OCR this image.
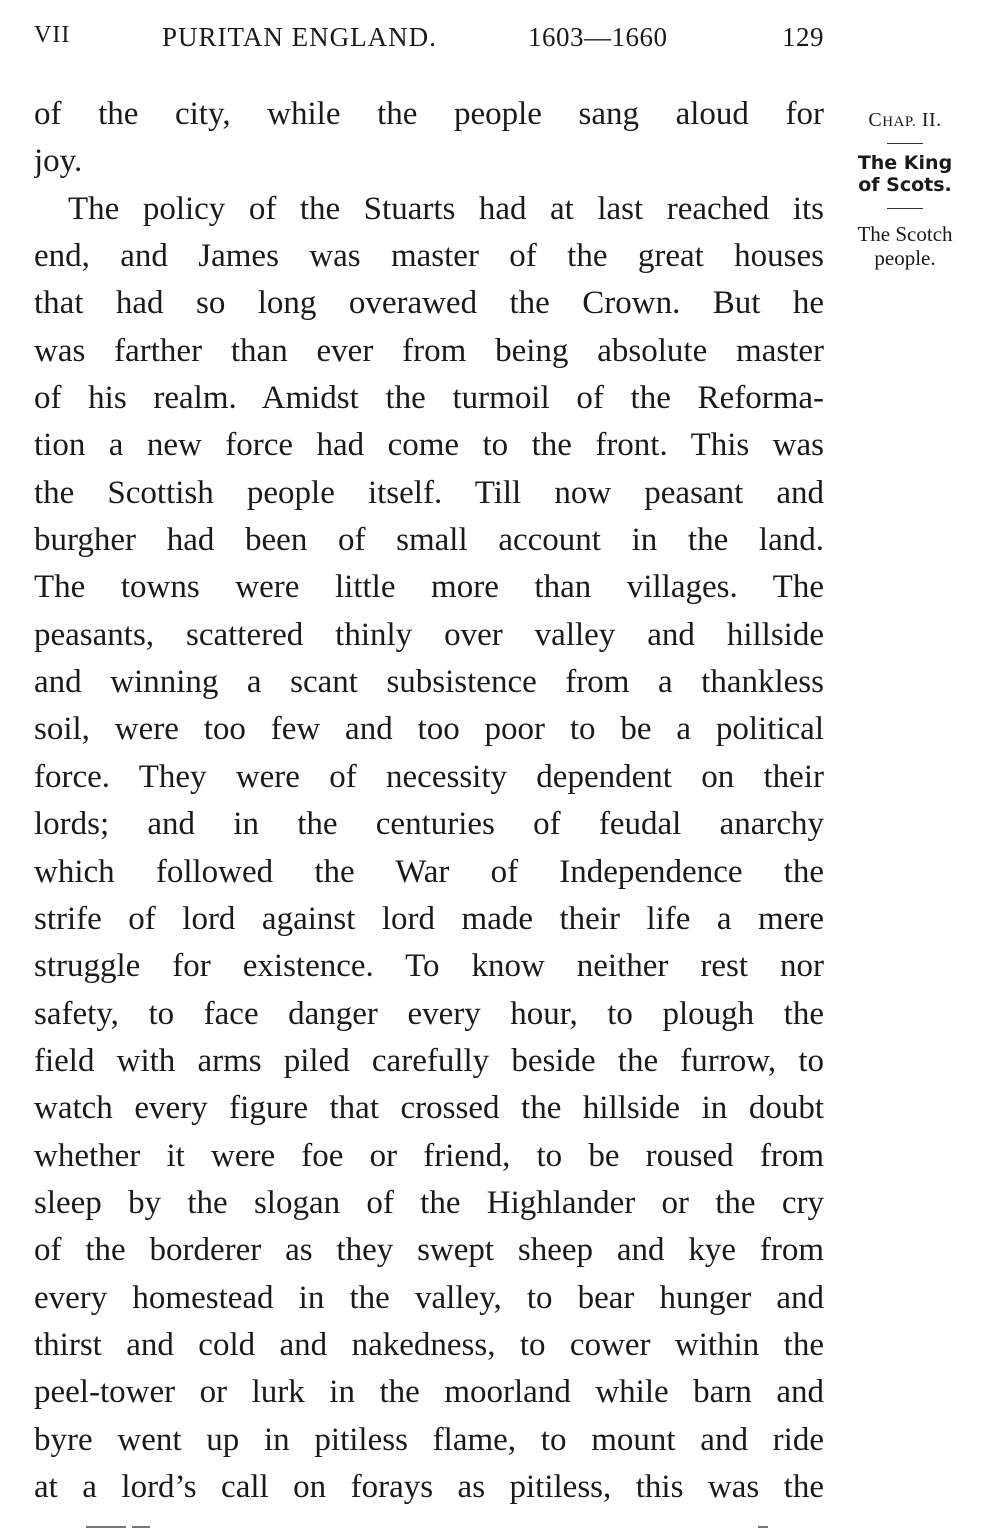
VII	PURITAN ENGLAND.	1603—1660	129
CHAP. II.
The King
of Scots.
The Scotch
people.
of the city, while the people sang aloud for
joy.
The policy of the Stuarts had at last reached its
end, and James was master of the great houses
that had so long overawed the Crown. But he
was farther than ever from being absolute master
of his realm. Amidst the turmoil of the Reforma-
tion a new force had come to the front. This was
the Scottish people itself. Till now peasant and
burgher had been of small account in the land.
The towns were little more than villages. The
peasants, scattered thinly over valley and hillside
and winning a scant subsistence from a thankless
soil, were too few and too poor to be a political
force. They were of necessity dependent on their
lords; and in the centuries of feudal anarchy
which followed the War of Independence the
strife of lord against lord made their life a mere
struggle for existence. To know neither rest nor
safety, to face danger every hour, to plough the
field with arms piled carefully beside the furrow, to
watch every figure that crossed the hillside in doubt
whether it were foe or friend, to be roused from
sleep by the slogan of the Highlander or the cry
of the borderer as they swept sheep and kye from
every homestead in the valley, to bear hunger and
thirst and cold and nakedness, to cower within the
peel-tower or lurk in the moorland while barn and
byre went up in pitiless flame, to mount and ride
at a lord’s call on forays as pitiless, this was the
